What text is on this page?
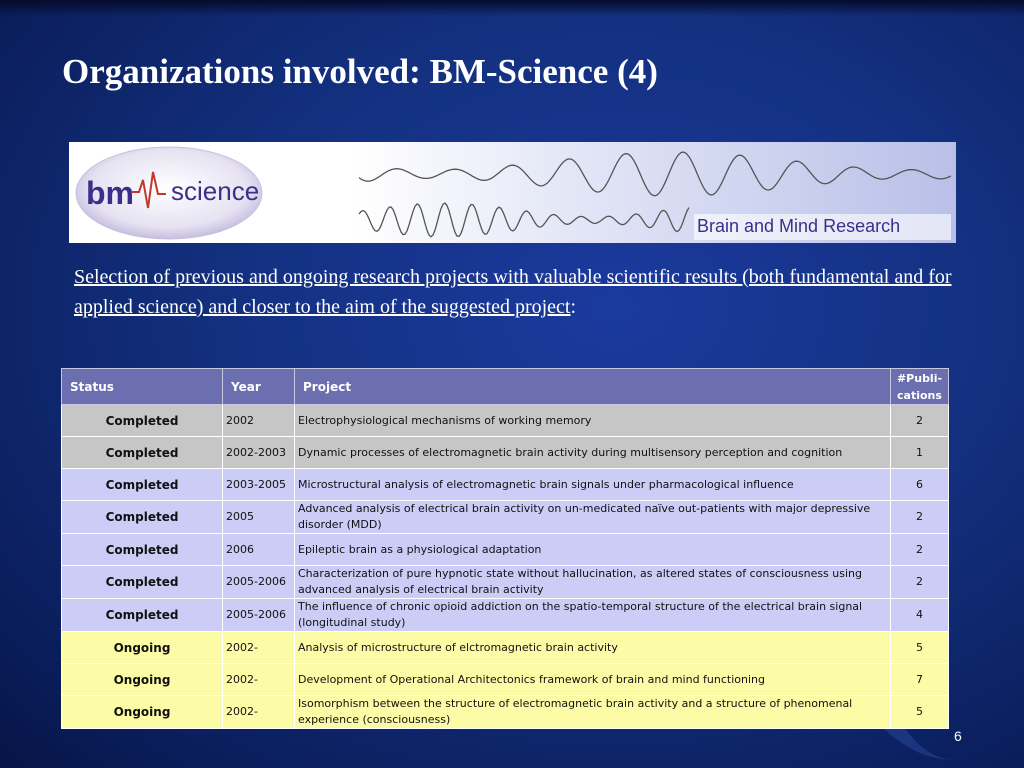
Organizations involved: BM-Science (4)
Brain and Mind Research
bm science
Selection of previous and ongoing research projects with valuable scientific results (both fundamental and for applied science) and closer to the aim of the suggested project:
Status	Year	Project	#Publi-
cations
Completed	2002	Electrophysiological mechanisms of working memory	2
Completed	2002-2003	Dynamic processes of electromagnetic brain activity during multisensory perception and cognition	1
Completed	2003-2005	Microstructural analysis of electromagnetic brain signals under pharmacological influence	6
Completed	2005	Advanced analysis of electrical brain activity on un-medicated naïve out-patients with major depressive disorder (MDD)	2
Completed	2006	Epileptic brain as a physiological adaptation	2
Completed	2005-2006	Characterization of pure hypnotic state without hallucination, as altered states of consciousness using advanced analysis of electrical brain activity	2
Completed	2005-2006	The influence of chronic opioid addiction on the spatio-temporal structure of the electrical brain signal (longitudinal study)	4
Ongoing	2002-	Analysis of microstructure of elctromagnetic brain activity	5
Ongoing	2002-	Development of Operational Architectonics framework of brain and mind functioning	7
Ongoing	2002-	Isomorphism between the structure of electromagnetic brain activity and a structure of phenomenal experience (consciousness)	5
6
